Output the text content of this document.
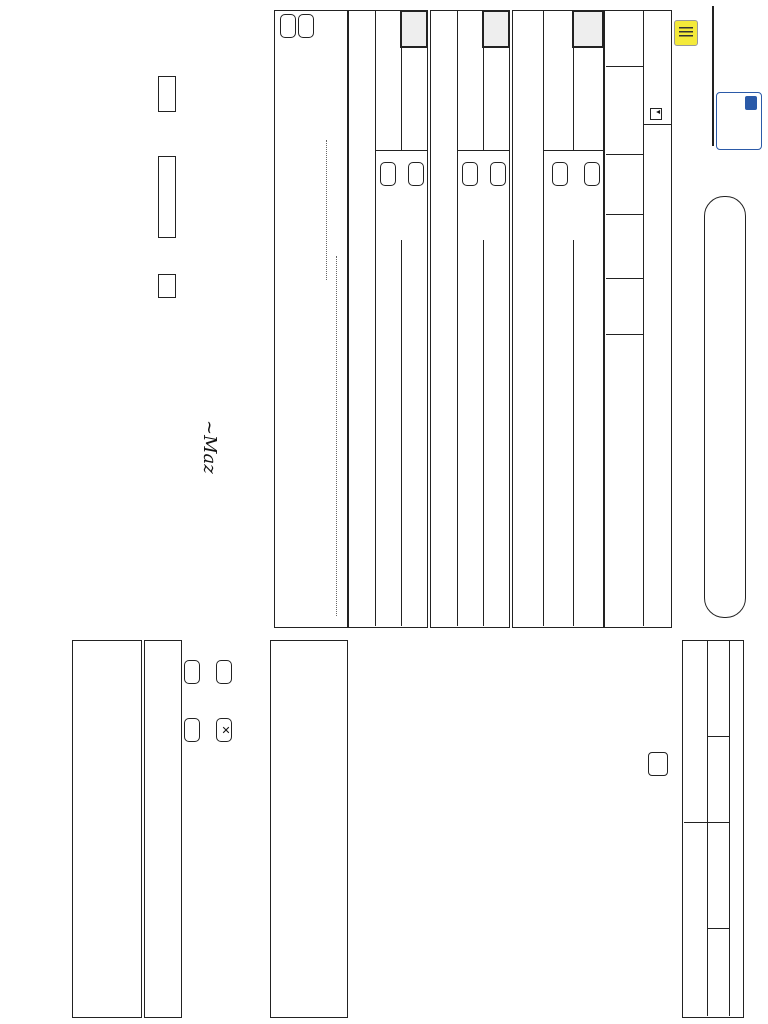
▾
~Maz
✕
